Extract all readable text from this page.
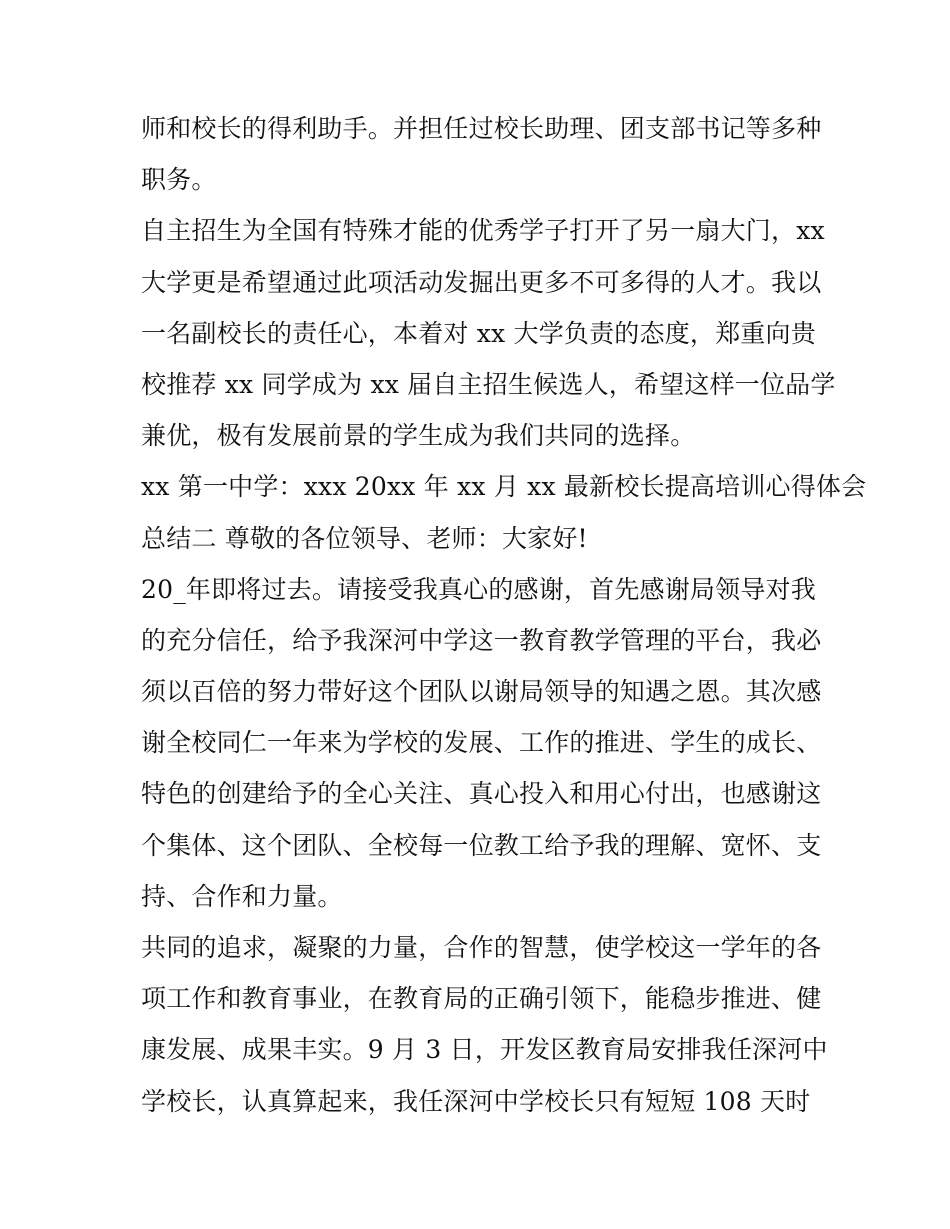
师和校长的得利助手。并担任过校长助理、团支部书记等多种
职务。
自主招生为全国有特殊才能的优秀学子打开了另一扇大门，xx
大学更是希望通过此项活动发掘出更多不可多得的人才。我以
一名副校长的责任心，本着对 xx 大学负责的态度，郑重向贵
校推荐 xx 同学成为 xx 届自主招生候选人，希望这样一位品学
兼优，极有发展前景的学生成为我们共同的选择。
xx 第一中学：xxx 20xx 年 xx 月 xx 最新校长提高培训心得体会
总结二 尊敬的各位领导、老师：大家好!
20_年即将过去。请接受我真心的感谢，首先感谢局领导对我
的充分信任，给予我深河中学这一教育教学管理的平台，我必
须以百倍的努力带好这个团队以谢局领导的知遇之恩。其次感
谢全校同仁一年来为学校的发展、工作的推进、学生的成长、
特色的创建给予的全心关注、真心投入和用心付出，也感谢这
个集体、这个团队、全校每一位教工给予我的理解、宽怀、支
持、合作和力量。
共同的追求，凝聚的力量，合作的智慧，使学校这一学年的各
项工作和教育事业，在教育局的正确引领下，能稳步推进、健
康发展、成果丰实。9 月 3 日，开发区教育局安排我任深河中
学校长，认真算起来，我任深河中学校长只有短短 108 天时
